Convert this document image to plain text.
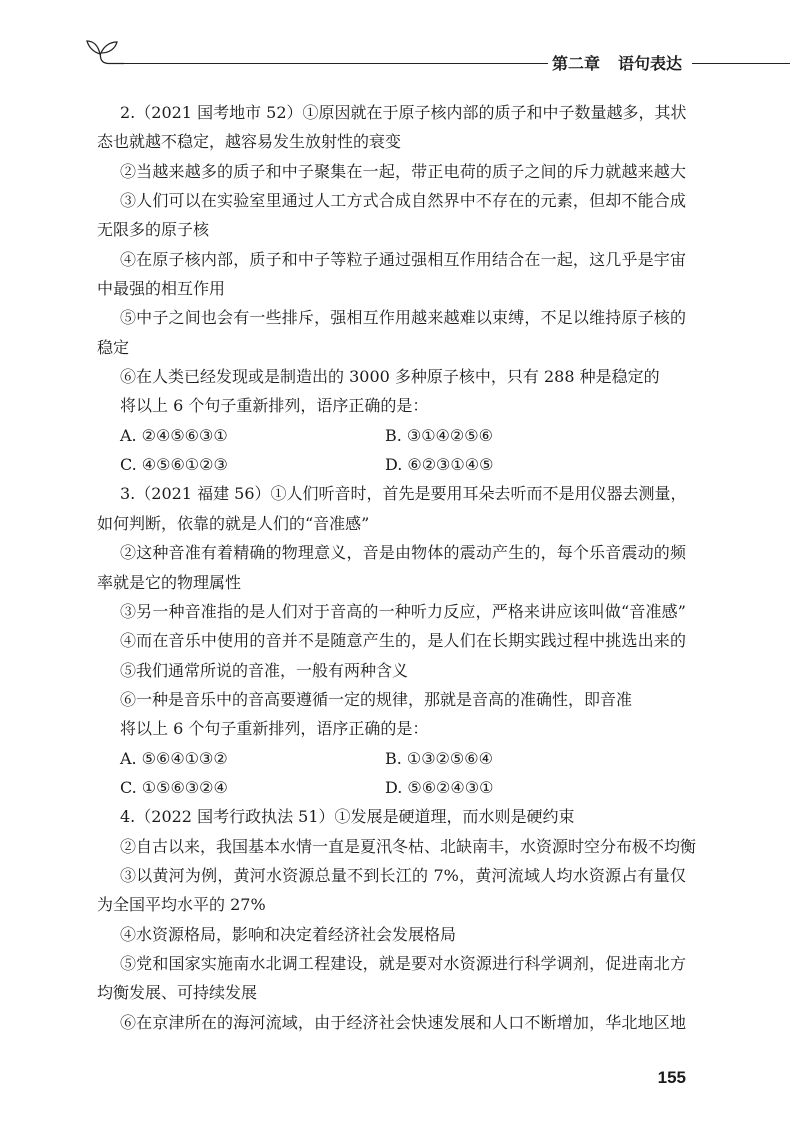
第二章 语句表达
2.（2021 国考地市 52）①原因就在于原子核内部的质子和中子数量越多，其状
态也就越不稳定，越容易发生放射性的衰变
②当越来越多的质子和中子聚集在一起，带正电荷的质子之间的斥力就越来越大
③人们可以在实验室里通过人工方式合成自然界中不存在的元素，但却不能合成
无限多的原子核
④在原子核内部，质子和中子等粒子通过强相互作用结合在一起，这几乎是宇宙
中最强的相互作用
⑤中子之间也会有一些排斥，强相互作用越来越难以束缚，不足以维持原子核的
稳定
⑥在人类已经发现或是制造出的 3000 多种原子核中，只有 288 种是稳定的
将以上 6 个句子重新排列，语序正确的是：
A. ②④⑤⑥③①	B. ③①④②⑤⑥
C. ④⑤⑥①②③	D. ⑥②③①④⑤
3.（2021 福建 56）①人们听音时，首先是要用耳朵去听而不是用仪器去测量，
如何判断，依靠的就是人们的“音准感”
②这种音准有着精确的物理意义，音是由物体的震动产生的，每个乐音震动的频
率就是它的物理属性
③另一种音准指的是人们对于音高的一种听力反应，严格来讲应该叫做“音准感”
④而在音乐中使用的音并不是随意产生的，是人们在长期实践过程中挑选出来的
⑤我们通常所说的音准，一般有两种含义
⑥一种是音乐中的音高要遵循一定的规律，那就是音高的准确性，即音准
将以上 6 个句子重新排列，语序正确的是：
A. ⑤⑥④①③②	B. ①③②⑤⑥④
C. ①⑤⑥③②④	D. ⑤⑥②④③①
4.（2022 国考行政执法 51）①发展是硬道理，而水则是硬约束
②自古以来，我国基本水情一直是夏汛冬枯、北缺南丰，水资源时空分布极不均衡
③以黄河为例，黄河水资源总量不到长江的 7%，黄河流域人均水资源占有量仅
为全国平均水平的 27%
④水资源格局，影响和决定着经济社会发展格局
⑤党和国家实施南水北调工程建设，就是要对水资源进行科学调剂，促进南北方
均衡发展、可持续发展
⑥在京津所在的海河流域，由于经济社会快速发展和人口不断增加，华北地区地
155
